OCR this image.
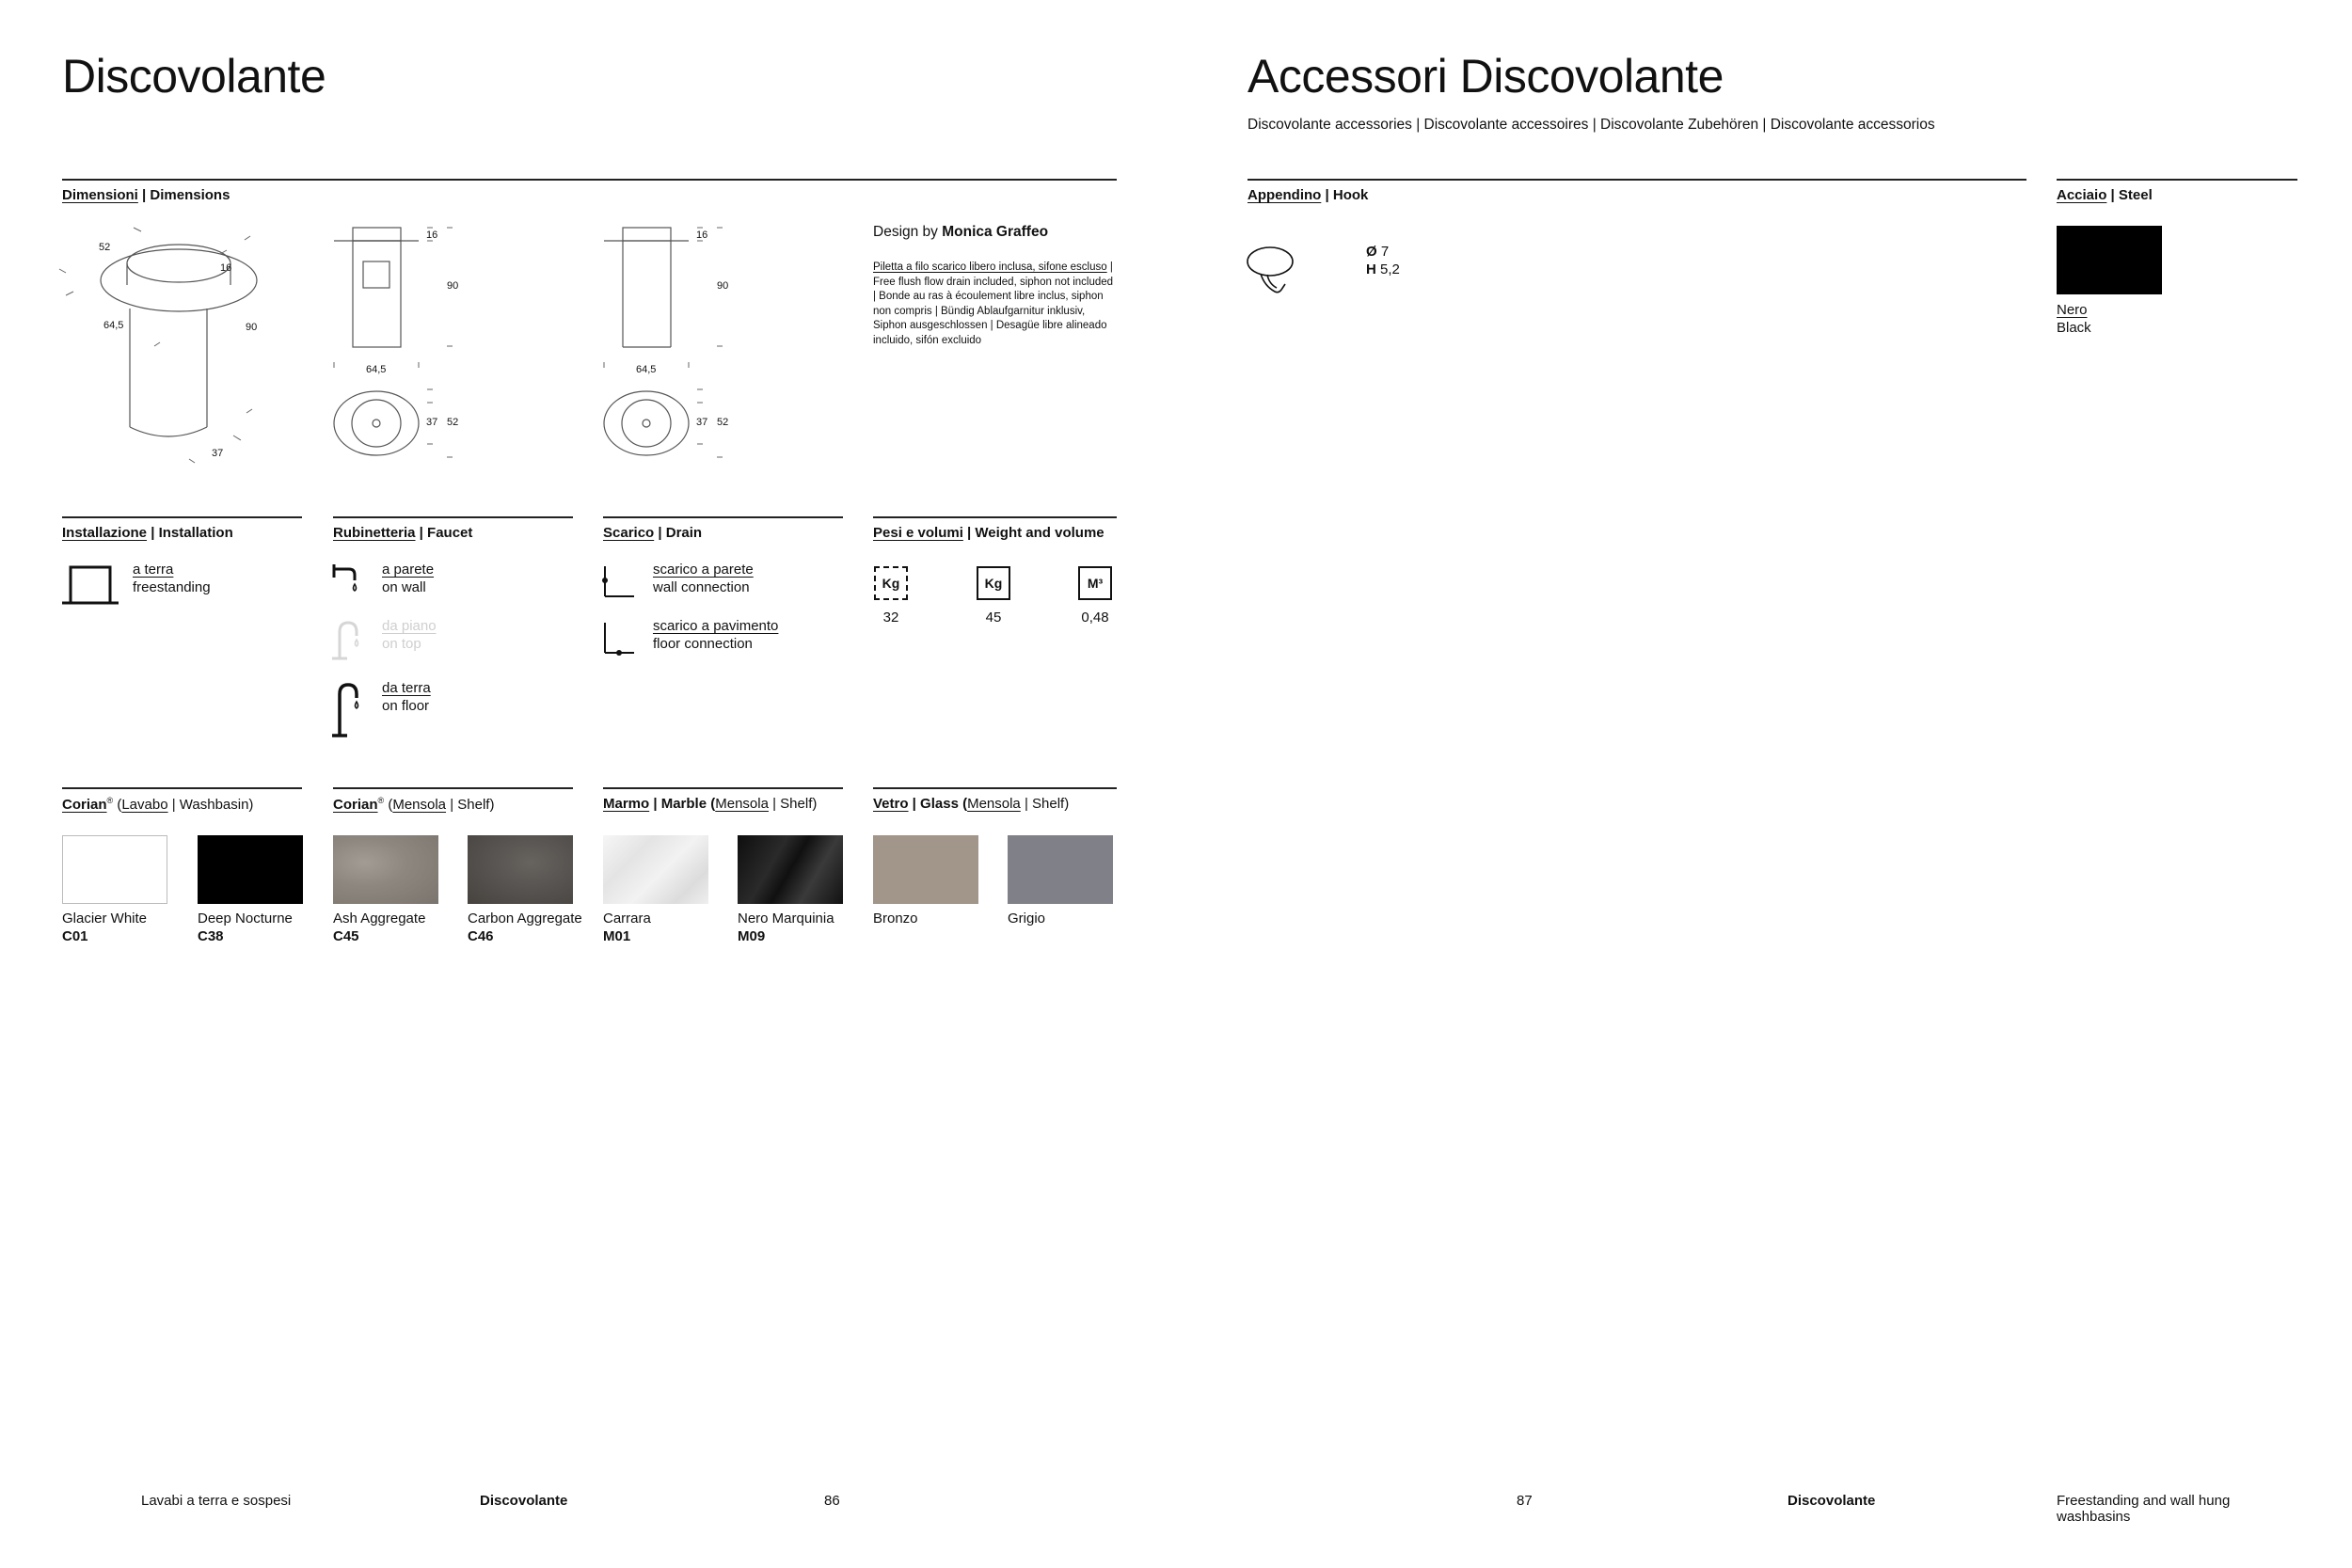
Discovolante
Dimensioni | Dimensions
52
16
64,5	90
37
16
90
64,5
37 52
16
90
64,5
37 52
Design by Monica Graffeo
Piletta a filo scarico libero inclusa, sifone escluso | Free flush flow drain included, siphon not included | Bonde au ras à écoulement libre inclus, siphon non compris | Bündig Ablaufgarnitur inklusiv, Siphon ausgeschlossen | Desagüe libre alineado incluido, sifón excluido
Installazione | Installation	Rubinetteria | Faucet	Scarico | Drain	Pesi e volumi | Weight and volume
a terra
freestanding
a parete
on wall
da piano
on top
da terra
on floor
scarico a parete
wall connection
scarico a pavimento
floor connection
Kg	Kg	M³
32	45	0,48
Corian® (Lavabo | Washbasin)	Corian® (Mensola | Shelf)	Marmo | Marble (Mensola | Shelf)	Vetro | Glass (Mensola | Shelf)
Glacier White
C01
Deep Nocturne
C38
Ash Aggregate
C45
Carbon Aggregate
C46
Carrara
M01
Nero Marquinia
M09
Bronzo	Grigio
Lavabi a terra e sospesi	Discovolante	86
Accessori Discovolante
Discovolante accessories | Discovolante accessoires | Discovolante Zubehören | Discovolante accessorios
Appendino | Hook	Acciaio | Steel
Ø 7
H 5,2
Nero
Black
87	Discovolante	Freestanding and wall hung washbasins
